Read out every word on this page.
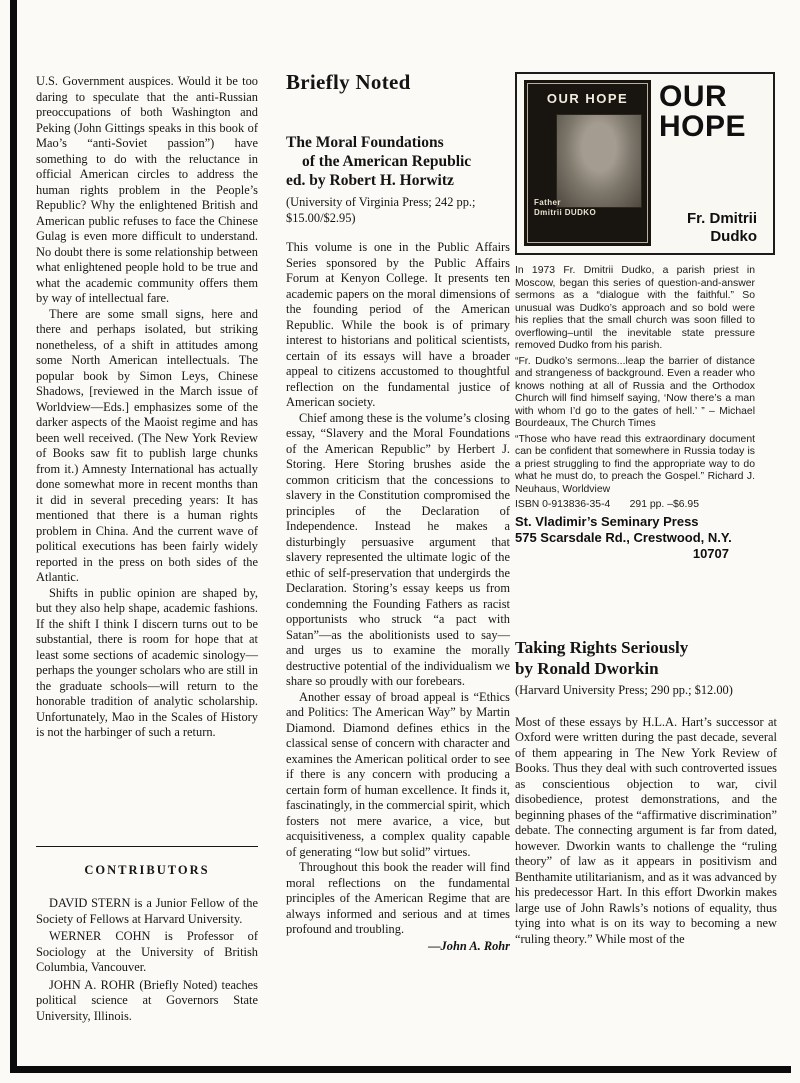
U.S. Government auspices. Would it be too daring to speculate that the anti-Russian preoccupations of both Washington and Peking (John Gittings speaks in this book of Mao’s “anti-Soviet passion”) have something to do with the reluctance in official American circles to address the human rights problem in the People’s Republic? Why the enlightened British and American public refuses to face the Chinese Gulag is even more difficult to understand. No doubt there is some relationship between what enlightened people hold to be true and what the academic community offers them by way of intellectual fare.

There are some small signs, here and there and perhaps isolated, but striking nonetheless, of a shift in attitudes among some North American intellectuals. The popular book by Simon Leys, Chinese Shadows, [reviewed in the March issue of Worldview—Eds.] emphasizes some of the darker aspects of the Maoist regime and has been well received. (The New York Review of Books saw fit to publish large chunks from it.) Amnesty International has actually done somewhat more in recent months than it did in several preceding years: It has mentioned that there is a human rights problem in China. And the current wave of political executions has been fairly widely reported in the press on both sides of the Atlantic.

Shifts in public opinion are shaped by, but they also help shape, academic fashions. If the shift I think I discern turns out to be substantial, there is room for hope that at least some sections of academic sinology—perhaps the younger scholars who are still in the graduate schools—will return to the honorable tradition of analytic scholarship. Unfortunately, Mao in the Scales of History is not the harbinger of such a return.

CONTRIBUTORS

DAVID STERN is a Junior Fellow of the Society of Fellows at Harvard University.

WERNER COHN is Professor of Sociology at the University of British Columbia, Vancouver.

JOHN A. ROHR (Briefly Noted) teaches political science at Governors State University, Illinois.

Briefly Noted
The Moral Foundations
of the American Republic
ed. by Robert H. Horwitz

(University of Virginia Press; 242 pp.; $15.00/$2.95)

This volume is one in the Public Affairs Series sponsored by the Public Affairs Forum at Kenyon College. It presents ten academic papers on the moral dimensions of the founding period of the American Republic. While the book is of primary interest to historians and political scientists, certain of its essays will have a broader appeal to citizens accustomed to thoughtful reflection on the fundamental justice of American society.

Chief among these is the volume’s closing essay, “Slavery and the Moral Foundations of the American Republic” by Herbert J. Storing. Here Storing brushes aside the common criticism that the concessions to slavery in the Constitution compromised the principles of the Declaration of Independence. Instead he makes a disturbingly persuasive argument that slavery represented the ultimate logic of the ethic of self-preservation that undergirds the Declaration. Storing’s essay keeps us from condemning the Founding Fathers as racist opportunists who struck “a pact with Satan”—as the abolitionists used to say—and urges us to examine the morally destructive potential of the individualism we share so proudly with our forebears.

Another essay of broad appeal is “Ethics and Politics: The American Way” by Martin Diamond. Diamond defines ethics in the classical sense of concern with character and examines the American political order to see if there is any concern with producing a certain form of human excellence. It finds it, fascinatingly, in the commercial spirit, which fosters not mere avarice, a vice, but acquisitiveness, a complex quality capable of generating “low but solid” virtues.

Throughout this book the reader will find moral reflections on the fundamental principles of the American Regime that are always informed and serious and at times profound and troubling.

—John A. Rohr

OUR HOPE
Father
Dmitrii DUDKO
OUR
HOPE
Fr. Dmitrii
Dudko

In 1973 Fr. Dmitrii Dudko, a parish priest in Moscow, began this series of question-and-answer sermons as a “dialogue with the faithful.” So unusual was Dudko’s approach and so bold were his replies that the small church was soon filled to overflowing–until the inevitable state pressure removed Dudko from his parish.

“Fr. Dudko’s sermons...leap the barrier of distance and strangeness of background. Even a reader who knows nothing at all of Russia and the Orthodox Church will find himself saying, ‘Now there’s a man with whom I’d go to the gates of hell.’ ” – Michael Bourdeaux, The Church Times

“Those who have read this extraordinary document can be confident that somewhere in Russia today is a priest struggling to find the appropriate way to do what he must do, to preach the Gospel.” Richard J. Neuhaus, Worldview

ISBN 0-913836-35-4 291 pp. –$6.95
St. Vladimir’s Seminary Press
575 Scarsdale Rd., Crestwood, N.Y.
10707
Taking Rights Seriously
by Ronald Dworkin

(Harvard University Press; 290 pp.; $12.00)

Most of these essays by H.L.A. Hart’s successor at Oxford were written during the past decade, several of them appearing in The New York Review of Books. Thus they deal with such controverted issues as conscientious objection to war, civil disobedience, protest demonstrations, and the beginning phases of the “affirmative discrimination” debate. The connecting argument is far from dated, however. Dworkin wants to challenge the “ruling theory” of law as it appears in positivism and Benthamite utilitarianism, and as it was advanced by his predecessor Hart. In this effort Dworkin makes large use of John Rawls’s notions of equality, thus tying into what is on its way to becoming a new “ruling theory.” While most of the
